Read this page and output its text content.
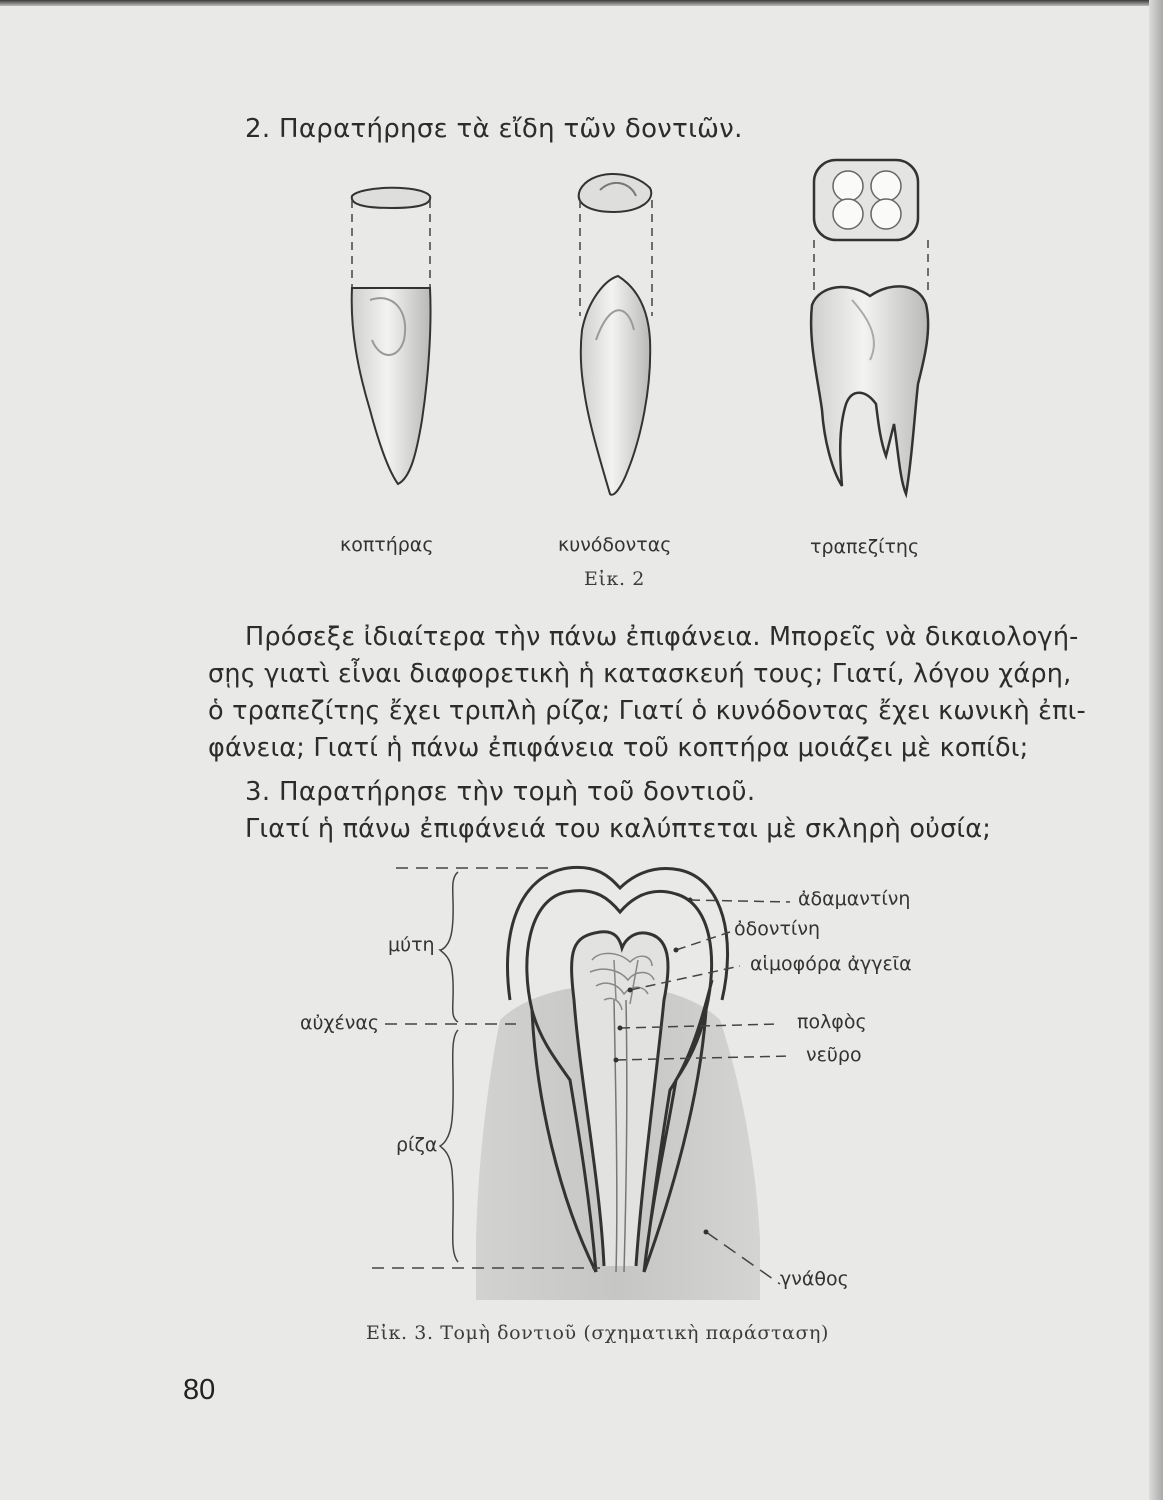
2. Παρατήρησε τὰ εἴδη τῶν δοντιῶν.

κοπτήρας	κυνόδοντας	τραπεζίτης
Εἰκ. 2

Πρόσεξε ἰδιαίτερα τὴν πάνω ἐπιφάνεια. Μπορεῖς νὰ δικαιολογή-

σῃς γιατὶ εἶναι διαφορετικὴ ἡ κατασκευή τους; Γιατί, λόγου χάρη,

ὁ τραπεζίτης ἔχει τριπλὴ ρίζα; Γιατί ὁ κυνόδοντας ἔχει κωνικὴ ἐπι-

φάνεια; Γιατί ἡ πάνω ἐπιφάνεια τοῦ κοπτήρα μοιάζει μὲ κοπίδι;

3. Παρατήρησε τὴν τομὴ τοῦ δοντιοῦ.

Γιατί ἡ πάνω ἐπιφάνειά του καλύπτεται μὲ σκληρὴ οὐσία;

μύτη
αὐχένας
ρίζα
ἀδαμαντίνη
ὀδοντίνη
αἱμοφόρα ἀγγεῖα
πολφὸς
νεῦρο
γνάθος
Εἰκ. 3. Τομὴ δοντιοῦ (σχηματικὴ παράσταση)
80
